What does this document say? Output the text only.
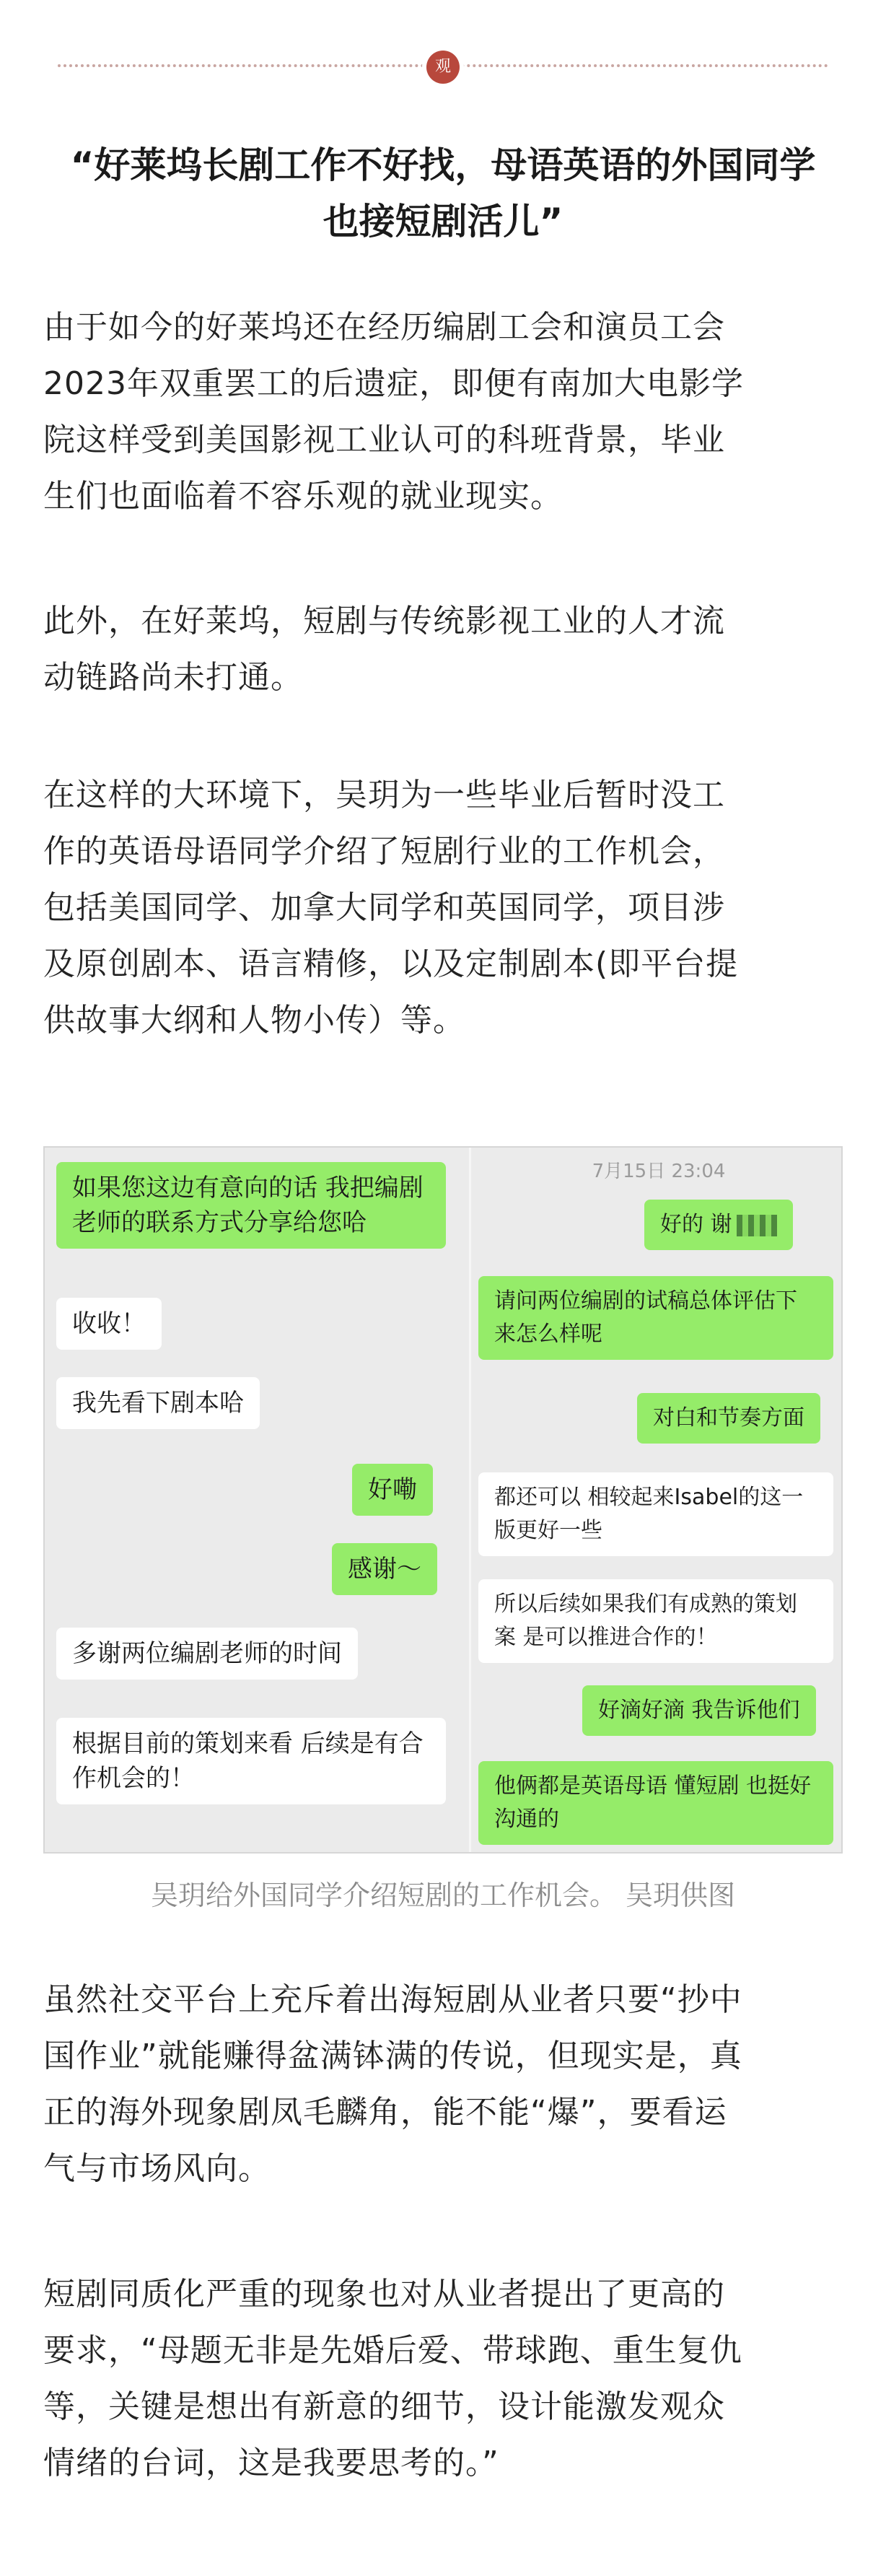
观
“好莱坞长剧工作不好找，母语英语的外国同学
也接短剧活儿”
由于如今的好莱坞还在经历编剧工会和演员工会
2023年双重罢工的后遗症，即便有南加大电影学
院这样受到美国影视工业认可的科班背景，毕业
生们也面临着不容乐观的就业现实。
此外，在好莱坞，短剧与传统影视工业的人才流
动链路尚未打通。
在这样的大环境下，吴玥为一些毕业后暂时没工
作的英语母语同学介绍了短剧行业的工作机会，
包括美国同学、加拿大同学和英国同学，项目涉
及原创剧本、语言精修，以及定制剧本(即平台提
供故事大纲和人物小传）等。
如果您这边有意向的话 我把编剧
老师的联系方式分享给您哈
收收！
我先看下剧本哈
好嘞
感谢～
多谢两位编剧老师的时间
根据目前的策划来看 后续是有合
作机会的！
7月15日 23:04
好的 谢
请问两位编剧的试稿总体评估下
来怎么样呢
对白和节奏方面
都还可以 相较起来Isabel的这一
版更好一些
所以后续如果我们有成熟的策划
案 是可以推进合作的！
好滴好滴 我告诉他们
他俩都是英语母语 懂短剧 也挺好
沟通的
吴玥给外国同学介绍短剧的工作机会。 吴玥供图
虽然社交平台上充斥着出海短剧从业者只要“抄中
国作业”就能赚得盆满钵满的传说，但现实是，真
正的海外现象剧凤毛麟角，能不能“爆”，要看运
气与市场风向。
短剧同质化严重的现象也对从业者提出了更高的
要求，“母题无非是先婚后爱、带球跑、重生复仇
等，关键是想出有新意的细节，设计能激发观众
情绪的台词，这是我要思考的。”
